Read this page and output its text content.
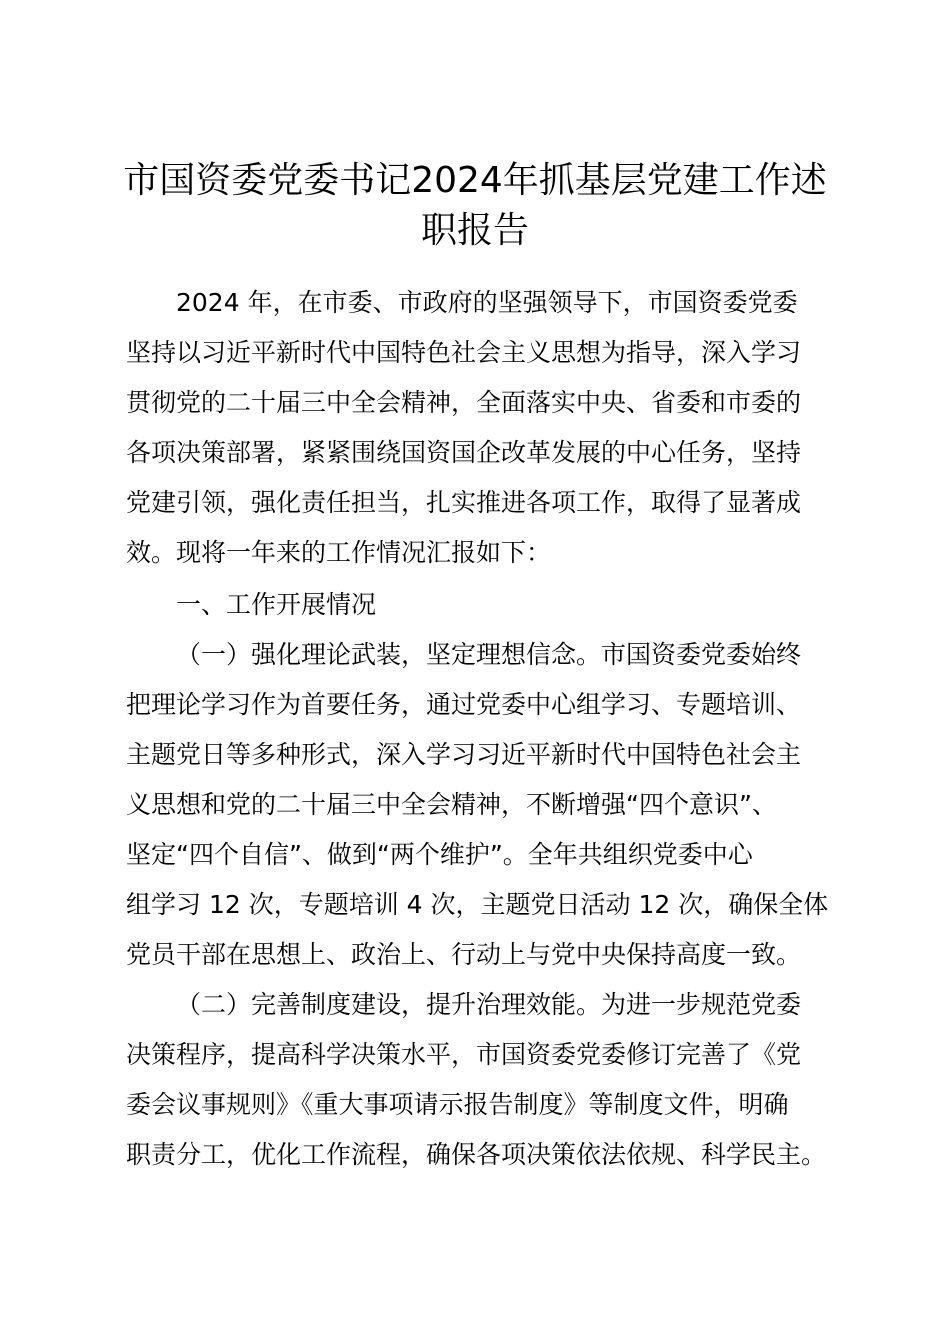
市国资委党委书记2024年抓基层党建工作述
职报告

2024 年，在市委、市政府的坚强领导下，市国资委党委

坚持以习近平新时代中国特色社会主义思想为指导，深入学习

贯彻党的二十届三中全会精神，全面落实中央、省委和市委的

各项决策部署，紧紧围绕国资国企改革发展的中心任务，坚持

党建引领，强化责任担当，扎实推进各项工作，取得了显著成

效。现将一年来的工作情况汇报如下：

一、工作开展情况

（一）强化理论武装，坚定理想信念。市国资委党委始终

把理论学习作为首要任务，通过党委中心组学习、专题培训、

主题党日等多种形式，深入学习习近平新时代中国特色社会主

义思想和党的二十届三中全会精神，不断增强“四个意识”、

坚定“四个自信”、做到“两个维护”。全年共组织党委中心

组学习 12 次，专题培训 4 次，主题党日活动 12 次，确保全体

党员干部在思想上、政治上、行动上与党中央保持高度一致。

（二）完善制度建设，提升治理效能。为进一步规范党委

决策程序，提高科学决策水平，市国资委党委修订完善了《党

委会议事规则》《重大事项请示报告制度》等制度文件，明确

职责分工，优化工作流程，确保各项决策依法依规、科学民主。
